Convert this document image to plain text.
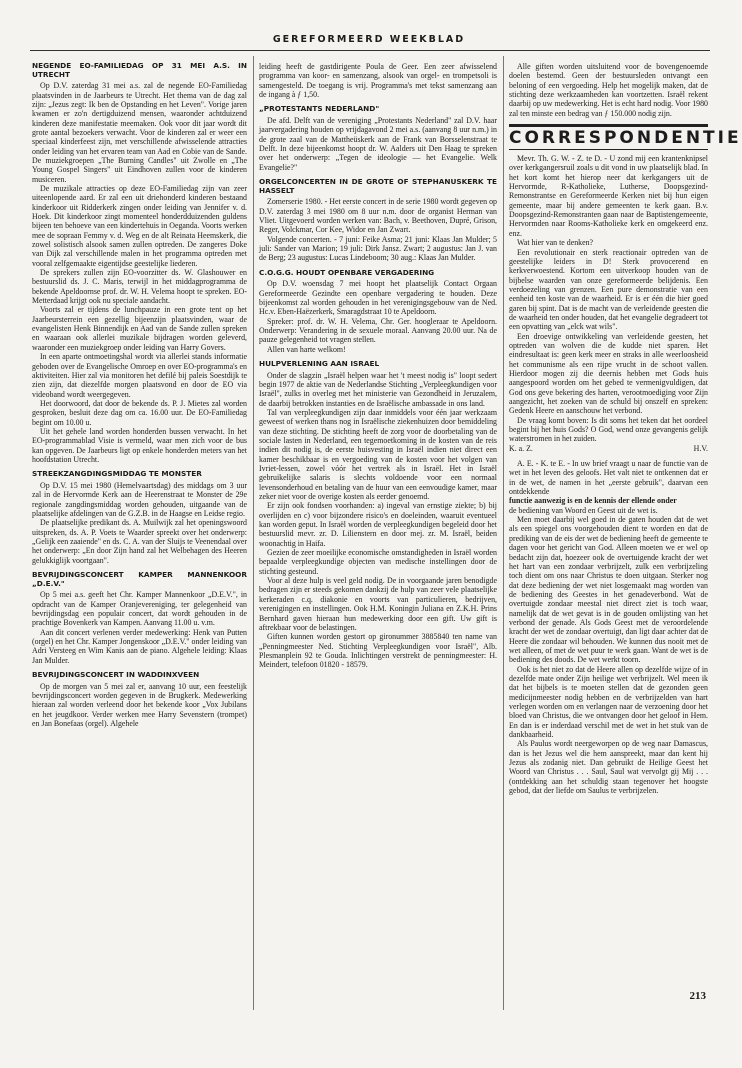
GEREFORMEERD WEEKBLAD
NEGENDE EO-FAMILIEDAG OP 31 MEI A.S. IN UTRECHT

Op D.V. zaterdag 31 mei a.s. zal de negende EO-Familiedag plaatsvinden in de Jaarbeurs te Utrecht. Het thema van de dag zal zijn: „Jezus zegt: Ik ben de Opstanding en het Leven". Vorige jaren kwamen er zo'n dertigduizend mensen, waaronder achtduizend kinderen deze manifestatie meemaken. Ook voor dit jaar wordt dit grote aantal bezoekers verwacht. Voor de kinderen zal er weer een speciaal kinderfeest zijn, met verschillende afwisselende attracties onder leiding van het ervaren team van Aad en Cobie van de Sande. De muziekgroepen „The Burning Candles" uit Zwolle en „The Young Gospel Singers" uit Eindhoven zullen voor de kinderen musiceren.

De muzikale attracties op deze EO-Familiedag zijn van zeer uiteenlopende aard. Er zal een uit driehonderd kinderen bestaand kinderkoor uit Ridderkerk zingen onder leiding van Jennifer v. d. Hoek. Dit kinderkoor zingt momenteel honderdduizenden guldens bijeen ten behoeve van een kindertehuis in Oeganda. Voorts werken mee de sopraan Femmy v. d. Weg en de alt Reinata Heemskerk, die zowel solistisch alsook samen zullen optreden. De zangeres Doke van Dijk zal verschillende malen in het programma optreden met vooral zelfgemaakte eigentijdse geestelijke liederen.

De sprekers zullen zijn EO-voorzitter ds. W. Glashouwer en bestuurslid ds. J. C. Maris, terwijl in het middagprogramma de bekende Apeldoornse prof. dr. W. H. Velema hoopt te spreken. EO-Metterdaad krijgt ook nu speciale aandacht.

Voorts zal er tijdens de lunchpauze in een grote tent op het Jaarbeursterrein een gezellig bijeenzijn plaatsvinden, waar de evangelisten Henk Binnendijk en Aad van de Sande zullen spreken en waaraan ook allerlei muzikale bijdragen worden geleverd, waaronder een muziekgroep onder leiding van Harry Govers.

In een aparte ontmoetingshal wordt via allerlei stands informatie geboden over de Evangelische Omroep en over EO-programma's en aktiviteiten. Hier zal via monitoren het defilé bij paleis Soestdijk te zien zijn, dat diezelfde morgen plaatsvond en door de EO via videoband wordt weergegeven.

Het doorwoord, dat door de bekende ds. P. J. Mietes zal worden gesproken, besluit deze dag om ca. 16.00 uur. De EO-Familiedag begint om 10.00 u.

Uit het gehele land worden honderden bussen verwacht. In het EO-programmablad Visie is vermeld, waar men zich voor de bus kan opgeven. De Jaarbeurs ligt op enkele honderden meters van het hoofdstation Utrecht.

STREEKZANGDINGSMIDDAG TE MONSTER

Op D.V. 15 mei 1980 (Hemelvaartsdag) des middags om 3 uur zal in de Hervormde Kerk aan de Heerenstraat te Monster de 29e regionale zangdingsmiddag worden gehouden, uitgaande van de plaatselijke afdelingen van de G.Z.B. in de Haagse en Leidse regio.

De plaatselijke predikant ds. A. Muilwijk zal het openingswoord uitspreken, ds. A. P. Voets te Waarder spreekt over het onderwerp: „Gelijk een zaaiende" en ds. C. A. van der Sluijs te Veenendaal over het onderwerp: „En door Zijn hand zal het Welbehagen des Heeren gelukkiglijk voortgaan".

BEVRIJDINGSCONCERT KAMPER MANNENKOOR „D.E.V."

Op 5 mei a.s. geeft het Chr. Kamper Mannenkoor „D.E.V.", in opdracht van de Kamper Oranjevereniging, ter gelegenheid van bevrijdingsdag een populair concert, dat wordt gehouden in de prachtige Bovenkerk van Kampen. Aanvang 11.00 u. v.m.

Aan dit concert verlenen verder medewerking: Henk van Putten (orgel) en het Chr. Kamper Jongenskoor „D.E.V." onder leiding van Adri Versteeg en Wim Kanis aan de piano. Algehele leiding: Klaas Jan Mulder.

BEVRIJDINGSCONCERT IN WADDINXVEEN

Op de morgen van 5 mei zal er, aanvang 10 uur, een feestelijk bevrijdingsconcert worden gegeven in de Brugkerk. Medewerking hieraan zal worden verleend door het bekende koor „Vox Jubilans en het jeugdkoor. Verder werken mee Harry Sevenstern (trompet) en Jan Bonefaas (orgel). Algehele

leiding heeft de gastdirigente Poula de Geer. Een zeer afwisselend programma van koor- en samenzang, alsook van orgel- en trompetsoli is samengesteld. De toegang is vrij. Programma's met tekst samenzang aan de ingang à ƒ 1,50.

„PROTESTANTS NEDERLAND"

De afd. Delft van de vereniging „Protestants Nederland" zal D.V. haar jaarvergadering houden op vrijdagavond 2 mei a.s. (aanvang 8 uur n.m.) in de grote zaal van de Mattheüskerk aan de Frank van Borsselenstraat te Delft. In deze bijeenkomst hoopt dr. W. Aalders uit Den Haag te spreken over het onderwerp: „Tegen de ideologie — het Evangelie. Welk Evangelie?"

ORGELCONCERTEN IN DE GROTE OF STEPHANUSKERK TE HASSELT

Zomerserie 1980. - Het eerste concert in de serie 1980 wordt gegeven op D.V. zaterdag 3 mei 1980 om 8 uur n.m. door de organist Herman van Vliet. Uitgevoerd worden werken van: Bach, v. Beethoven, Dupré, Grison, Reger, Volckmar, Cor Kee, Widor en Jan Zwart.

Volgende concerten. - 7 juni: Feike Asma; 21 juni: Klaas Jan Mulder; 5 juli: Sander van Marion; 19 juli: Dirk Jansz. Zwart; 2 augustus: Jan J. van de Berg; 23 augustus: Lucas Lindeboom; 30 aug.: Klaas Jan Mulder.

C.O.G.G. HOUDT OPENBARE VERGADERING

Op D.V. woensdag 7 mei hoopt het plaatselijk Contact Orgaan Gereformeerde Gezindte een openbare vergadering te houden. Deze bijeenkomst zal worden gehouden in het verenigingsgebouw van de Ned. Hc.v. Eben-Haëzerkerk, Smaragdstraat 10 te Apeldoorn.

Spreker: prof. dr. W. H. Velema, Chr. Ger. hoogleraar te Apeldoorn. Onderwerp: Verandering in de sexuele moraal. Aanvang 20.00 uur. Na de pauze gelegenheid tot vragen stellen.

Allen van harte welkom!

HULPVERLENING AAN ISRAEL

Onder de slagzin „Israël helpen waar het 't meest nodig is" loopt sedert begin 1977 de aktie van de Nederlandse Stichting „Verpleegkundigen voor Israël", zulks in overleg met het ministerie van Gezondheid in Jeruzalem, de daarbij betrokken instanties en de Israëlische ambassade in ons land.

Tal van verpleegkundigen zijn daar inmiddels voor één jaar werkzaam geweest of werken thans nog in Israëlische ziekenhuizen door bemiddeling van deze stichting. De stichting heeft de zorg voor de doorbetaling van de sociale lasten in Nederland, een tegemoetkoming in de kosten van de reis indien dit nodig is, de eerste huisvesting in Israël indien niet direct een kamer beschikbaar is en vergoeding van de kosten voor het volgen van Ivriet-lessen, zowel vóór het vertrek als in Israël. Het in Israël gebruikelijke salaris is slechts voldoende voor een normaal levensonderhoud en betaling van de huur van een eenvoudige kamer, maar zeker niet voor de overige kosten als eerder genoemd.

Er zijn ook fondsen voorhanden: a) ingeval van ernstige ziekte; b) bij overlijden en c) voor bijzondere risico's en doeleinden, waaruit eventueel kan worden geput. In Israël worden de verpleegkundigen begeleid door het bestuurslid mevr. zr. D. Lilienstern en door mej. zr. M. Israël, beiden woonachtig in Haifa.

Gezien de zeer moeilijke economische omstandigheden in Israël worden bepaalde verpleegkundige objecten van medische instellingen door de stichting gesteund.

Voor al deze hulp is veel geld nodig. De in voorgaande jaren benodigde bedragen zijn er steeds gekomen dankzij de hulp van zeer vele plaatselijke kerkeraden c.q. diakonie en voorts van particulieren, bedrijven, verenigingen en instellingen. Ook H.M. Koningin Juliana en Z.K.H. Prins Bernhard gaven hieraan hun medewerking door een gift. Uw gift is aftrekbaar voor de belastingen.

Giften kunnen worden gestort op gironummer 3885840 ten name van „Penningmeester Ned. Stichting Verpleegkundigen voor Israël", Alb. Plesmanplein 92 te Gouda. Inlichtingen verstrekt de penningmeester: H. Meindert, telefoon 01820 - 18579.

Alle giften worden uitsluitend voor de bovengenoemde doelen bestemd. Geen der bestuursleden ontvangt een beloning of een vergoeding. Help het mogelijk maken, dat de stichting deze werkzaamheden kan voortzetten. Israël rekent daarbij op uw medewerking. Het is echt hard nodig. Voor 1980 zal ten minste een bedrag van ƒ 150.000 nodig zijn.

CORRESPONDENTIE

Mevr. Th. G. W. - Z. te D. - U zond mij een krantenknipsel over kerkgangersruil zoals u dit vond in uw plaatselijk blad. In het kort komt het hierop neer dat kerkgangers uit de Hervormde, R-Katholieke, Lutherse, Doopsgezind-Remonstrantse en Gereformeerde Kerken niet bij hun eigen gemeente, maar bij andere gemeenten te kerk gaan. B.v. Doopsgezind-Remonstranten gaan naar de Baptistengemeente, Hervormden naar Rooms-Katholieke kerk en omgekeerd enz. enz.

Wat hier van te denken?

Een revolutionair en sterk reactionair optreden van de geestelijke leiders in D! Sterk provocerend en kerkverwoestend. Kortom een uitverkoop houden van de bijbelse waarden van onze gereformeerde belijdenis. Een verdoezeling van grenzen. Een pure demonstratie van een eenheid ten koste van de waarheid. Er is er één die hier goed garen bij spint. Dat is de macht van de verleidende geesten die de waarheid ten onder houden, dat het evangelie degradeert tot een opvatting van „elck wat wils".

Een droevige ontwikkeling van verleidende geesten, het optreden van wolven die de kudde niet sparen. Het eindresultaat is: geen kerk meer en straks in alle weerloosheid het communisme als een rijpe vrucht in de schoot vallen. Hierdoor mogen zij die deernis hebben met Gods huis aangespoord worden om het gebed te vermenigvuldigen, dat God ons geve bekering des harten, verootmoediging voor Zijn aangezicht, het zoeken van de schuld bij onszelf en spreken: Gedenk Heere en aanschouw het verbond.

De vraag komt boven: Is dit soms het teken dat het oordeel begint bij het huis Gods? O God, wend onze gevangenis gelijk waterstromen in het zuiden.

K. a. Z.	H.V.

A. E. - K. te E. - In uw brief vraagt u naar de functie van de wet in het leven des geloofs. Het valt niet te ontkennen dat er in de wet, de namen in het „eerste gebruik", daarvan een ontdekkende

functie aanwezig is en de kennis der ellende onder

de bediening van Woord en Geest uit de wet is.

Men moet daarbij wel goed in de gaten houden dat de wet als een spiegel ons voorgehouden dient te worden en dat de prediking van de eis der wet de bediening heeft de gemeente te dagen voor het gericht van God. Alleen moeten we er wel op bedacht zijn dat, hoezeer ook de overtuigende kracht der wet het hart van een zondaar verbrijzelt, zulk een verbrijzeling toch dient om ons naar Christus te doen uitgaan. Sterker nog dat deze bediening der wet niet losgemaakt mag worden van de bediening des Geestes in het genadeverbond. Wat de overtuigde zondaar meestal niet direct ziet is toch waar, namelijk dat de wet gevat is in de gouden omlijsting van het verbond der genade. Als Gods Geest met de veroordelende kracht der wet de zondaar overtuigt, dan ligt daar achter dat de Heere die zondaar wil behouden. We kunnen dus nooit met de wet alleen, of met de wet puur te werk gaan. Want de wet is de bediening des doods. De wet werkt toorn.

Ook is het niet zo dat de Heere allen op dezelfde wijze of in dezelfde mate onder Zijn heilige wet verbrijzelt. Wel meen ik dat het bijbels is te moeten stellen dat de gezonden geen medicijnmeester nodig hebben en de verbrijzelden van hart verlegen worden om en verlangen naar de verzoening door het bloed van Christus, die we ontvangen door het geloof in Hem. En dan is er inderdaad verschil met de wet in het stuk van de dankbaarheid.

Als Paulus wordt neergeworpen op de weg naar Damascus, dan is het Jezus wel die hem aanspreekt, maar dan kent hij Jezus als zodanig niet. Dan gebruikt de Heilige Geest het Woord van Christus . . . Saul, Saul wat vervolgt gij Mij . . . (ontdekking aan het schuldig staan tegenover het hoogste gebod, dat der liefde om Saulus te verbrijzelen.

213
